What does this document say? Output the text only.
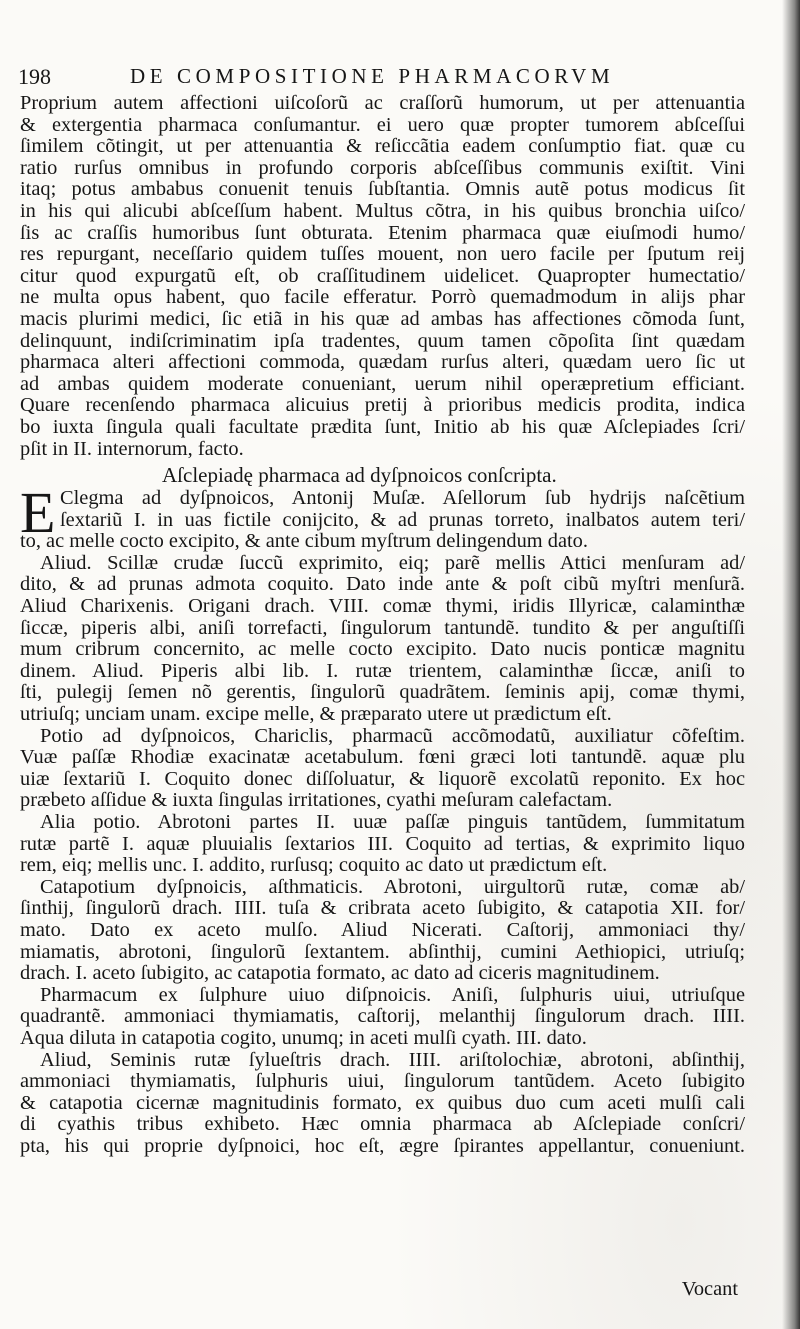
198	DE COMPOSITIONE PHARMACORVM
Proprium autem affectioni uiſcoſorũ ac craſſorũ humorum, ut per attenuantia
& extergentia pharmaca conſumantur. ei uero quæ propter tumorem abſceſſui
ſimilem cõtingit, ut per attenuantia & reſiccãtia eadem conſumptio fiat. quæ cu
ratio rurſus omnibus in profundo corporis abſceſſibus communis exiſtit. Vini
itaq; potus ambabus conuenit tenuis ſubſtantia. Omnis autẽ potus modicus ſit
in his qui alicubi abſceſſum habent. Multus cõtra, in his quibus bronchia uiſco/
ſis ac craſſis humoribus ſunt obturata. Etenim pharmaca quæ eiuſmodi humo/
res repurgant, neceſſario quidem tuſſes mouent, non uero facile per ſputum reij
citur quod expurgatũ eſt, ob craſſitudinem uidelicet. Quapropter humectatio/
ne multa opus habent, quo facile efferatur. Porrò quemadmodum in alijs phar
macis plurimi medici, ſic etiã in his quæ ad ambas has affectiones cõmoda ſunt,
delinquunt, indiſcriminatim ipſa tradentes, quum tamen cõpoſita ſint quædam
pharmaca alteri affectioni commoda, quædam rurſus alteri, quædam uero ſic ut
ad ambas quidem moderate conueniant, uerum nihil operæpretium efficiant.
Quare recenſendo pharmaca alicuius pretij à prioribus medicis prodita, indica
bo iuxta ſingula quali facultate prædita ſunt, Initio ab his quæ Aſclepiades ſcri/
pſit in II. internorum, facto.
Aſclepiadę pharmaca ad dyſpnoicos conſcripta.
E Clegma ad dyſpnoicos, Antonij Muſæ. Aſellorum ſub hydrijs naſcẽtium
ſextariũ I. in uas fictile conijcito, & ad prunas torreto, inalbatos autem teri/
to, ac melle cocto excipito, & ante cibum myſtrum delingendum dato.
Aliud. Scillæ crudæ ſuccũ exprimito, eiq; parẽ mellis Attici menſuram ad/
dito, & ad prunas admota coquito. Dato inde ante & poſt cibũ myſtri menſurã.
Aliud Charixenis. Origani drach. VIII. comæ thymi, iridis Illyricæ, calaminthæ
ſiccæ, piperis albi, aniſi torrefacti, ſingulorum tantundẽ. tundito & per anguſtiſſi
mum cribrum concernito, ac melle cocto excipito. Dato nucis ponticæ magnitu
dinem. Aliud. Piperis albi lib. I. rutæ trientem, calaminthæ ſiccæ, aniſi to
ſti, pulegij ſemen nõ gerentis, ſingulorũ quadrãtem. ſeminis apij, comæ thymi,
utriuſq; unciam unam. excipe melle, & præparato utere ut prædictum eſt.
Potio ad dyſpnoicos, Chariclis, pharmacũ accõmodatũ, auxiliatur cõfeſtim.
Vuæ paſſæ Rhodiæ exacinatæ acetabulum. fœni græci loti tantundẽ. aquæ plu
uiæ ſextariũ I. Coquito donec diſſoluatur, & liquorẽ excolatũ reponito. Ex hoc
præbeto aſſidue & iuxta ſingulas irritationes, cyathi meſuram calefactam.
Alia potio. Abrotoni partes II. uuæ paſſæ pinguis tantũdem, ſummitatum
rutæ partẽ I. aquæ pluuialis ſextarios III. Coquito ad tertias, & exprimito liquo
rem, eiq; mellis unc. I. addito, rurſusq; coquito ac dato ut prædictum eſt.
Catapotium dyſpnoicis, aſthmaticis. Abrotoni, uirgultorũ rutæ, comæ ab/
ſinthij, ſingulorũ drach. IIII. tuſa & cribrata aceto ſubigito, & catapotia XII. for/
mato. Dato ex aceto mulſo. Aliud Nicerati. Caſtorij, ammoniaci thy/
miamatis, abrotoni, ſingulorũ ſextantem. abſinthij, cumini Aethiopici, utriuſq;
drach. I. aceto ſubigito, ac catapotia formato, ac dato ad ciceris magnitudinem.
Pharmacum ex ſulphure uiuo diſpnoicis. Aniſi, ſulphuris uiui, utriuſque
quadrantẽ. ammoniaci thymiamatis, caſtorij, melanthij ſingulorum drach. IIII.
Aqua diluta in catapotia cogito, unumq; in aceti mulſi cyath. III. dato.
Aliud, Seminis rutæ ſylueſtris drach. IIII. ariſtolochiæ, abrotoni, abſinthij,
ammoniaci thymiamatis, ſulphuris uiui, ſingulorum tantũdem. Aceto ſubigito
& catapotia cicernæ magnitudinis formato, ex quibus duo cum aceti mulſi cali
di cyathis tribus exhibeto. Hæc omnia pharmaca ab Aſclepiade conſcri/
pta, his qui proprie dyſpnoici, hoc eſt, ægre ſpirantes appellantur, conueniunt.
Vocant
